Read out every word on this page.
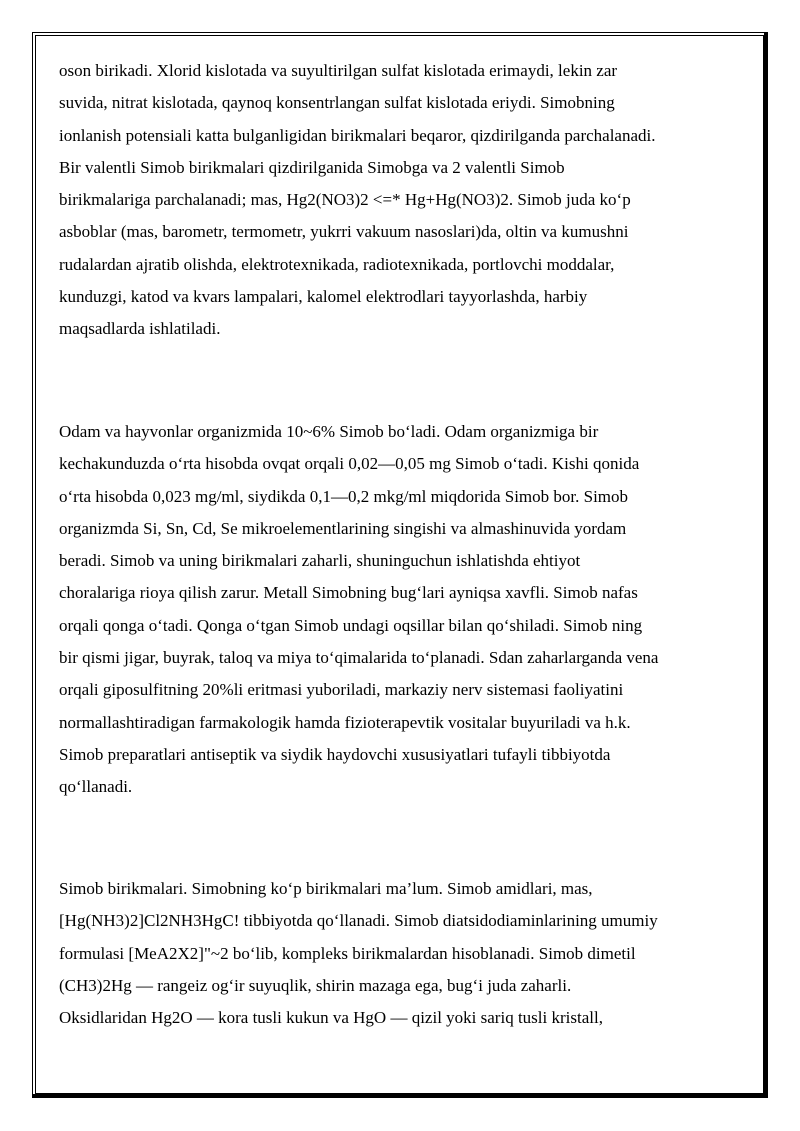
oson birikadi. Xlorid kislotada va suyultirilgan sulfat kislotada erimaydi, lekin zar
suvida, nitrat kislotada, qaynoq konsentrlangan sulfat kislotada eriydi. Simobning
ionlanish potensiali katta bulganligidan birikmalari beqaror, qizdirilganda parchalanadi.
Bir valentli Simob birikmalari qizdirilganida Simobga va 2 valentli Simob
birikmalariga parchalanadi; mas, Hg2(NO3)2 <=* Hg+Hg(NO3)2. Simob juda ko‘p
asboblar (mas, barometr, termometr, yukrri vakuum nasoslari)da, oltin va kumushni
rudalardan ajratib olishda, elektrotexnikada, radiotexnikada, portlovchi moddalar,
kunduzgi, katod va kvars lampalari, kalomel elektrodlari tayyorlashda, harbiy
maqsadlarda ishlatiladi.

Odam va hayvonlar organizmida 10~6% Simob bo‘ladi. Odam organizmiga bir
kechakunduzda o‘rta hisobda ovqat orqali 0,02—0,05 mg Simob o‘tadi. Kishi qonida
o‘rta hisobda 0,023 mg/ml, siydikda 0,1—0,2 mkg/ml miqdorida Simob bor. Simob
organizmda Si, Sn, Cd, Se mikroelementlarining singishi va almashinuvida yordam
beradi. Simob va uning birikmalari zaharli, shuninguchun ishlatishda ehtiyot
choralariga rioya qilish zarur. Metall Simobning bug‘lari ayniqsa xavfli. Simob nafas
orqali qonga o‘tadi. Qonga o‘tgan Simob undagi oqsillar bilan qo‘shiladi. Simob ning
bir qismi jigar, buyrak, taloq va miya to‘qimalarida to‘planadi. Sdan zaharlarganda vena
orqali giposulfitning 20%li eritmasi yuboriladi, markaziy nerv sistemasi faoliyatini
normallashtiradigan farmakologik hamda fizioterapevtik vositalar buyuriladi va h.k.
Simob preparatlari antiseptik va siydik haydovchi xususiyatlari tufayli tibbiyotda
qo‘llanadi.

Simob birikmalari. Simobning ko‘p birikmalari ma’lum. Simob amidlari, mas,
[Hg(NH3)2]Cl2NH3HgC! tibbiyotda qo‘llanadi. Simob diatsidodiaminlarining umumiy
formulasi [MeA2X2]"~2 bo‘lib, kompleks birikmalardan hisoblanadi. Simob dimetil
(CH3)2Hg — rangeiz og‘ir suyuqlik, shirin mazaga ega, bug‘i juda zaharli.
Oksidlaridan Hg2O — kora tusli kukun va HgO — qizil yoki sariq tusli kristall,
